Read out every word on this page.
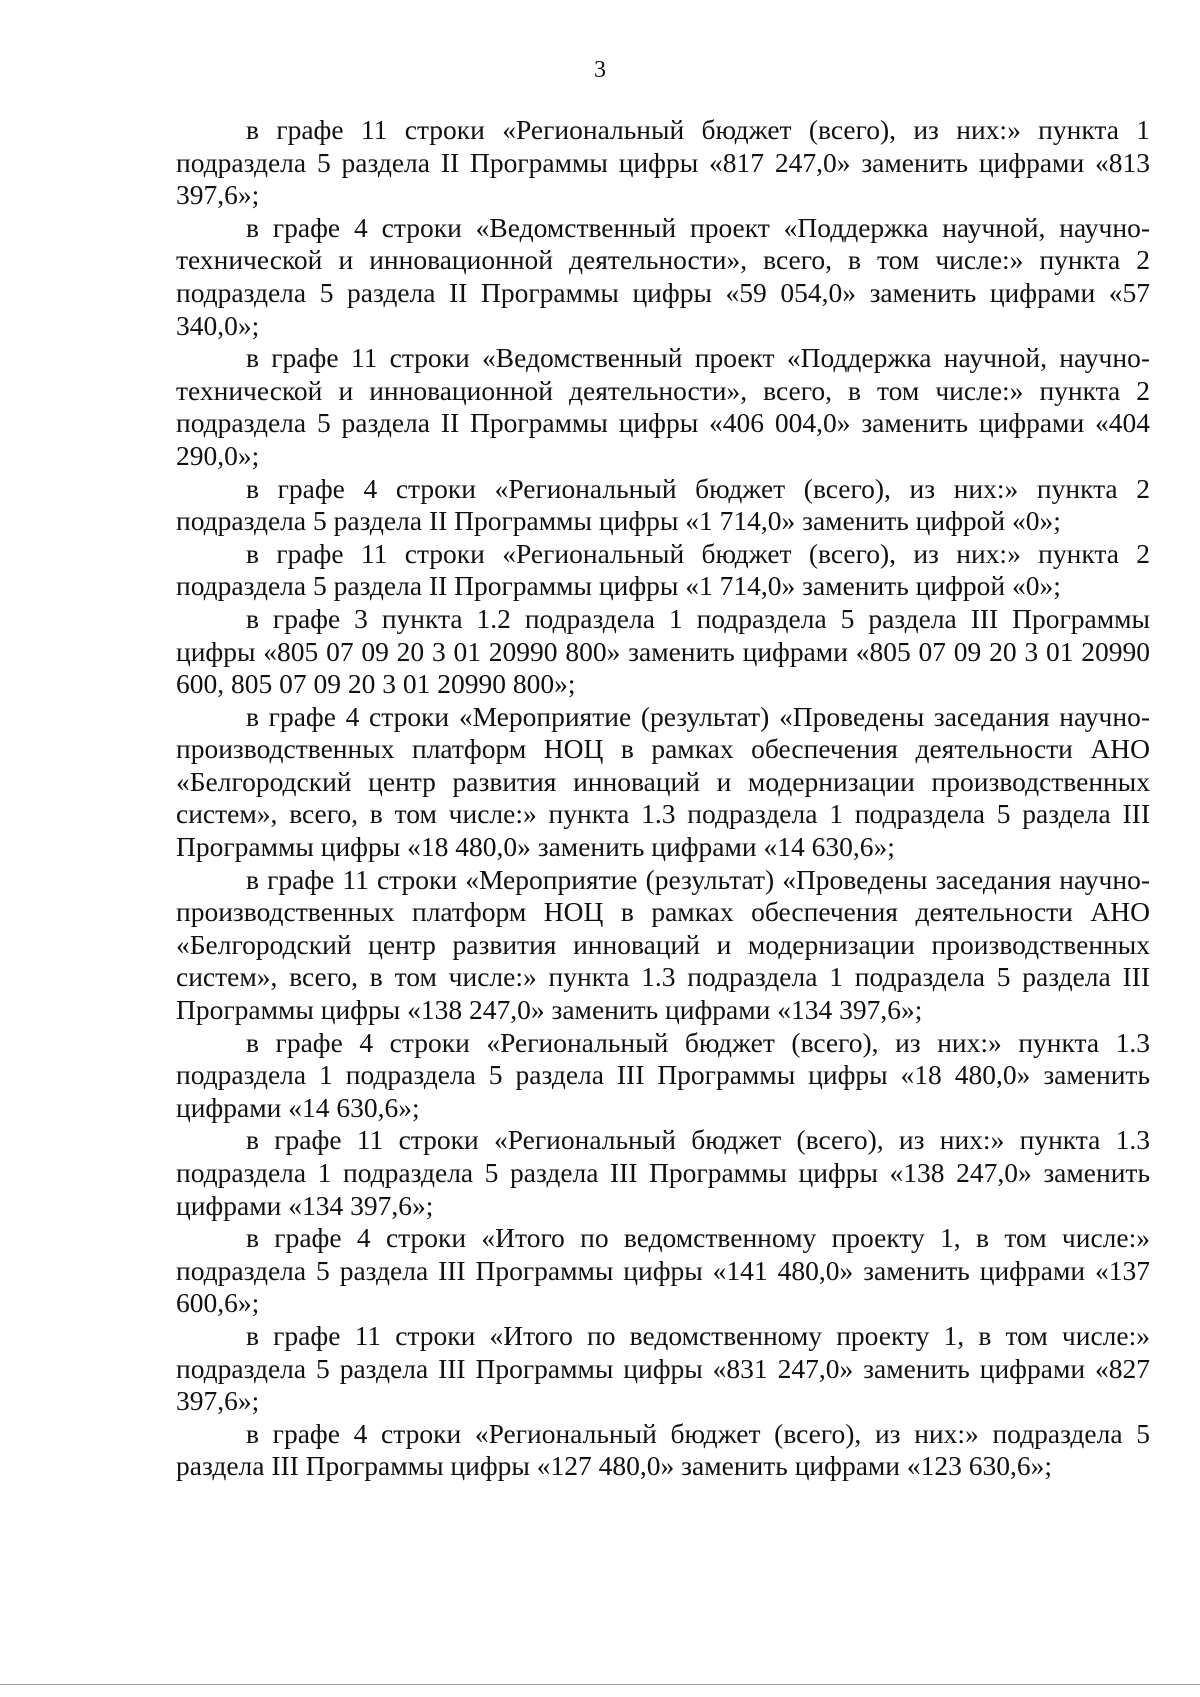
3

в графе 11 строки «Региональный бюджет (всего), из них:» пункта 1 подраздела 5 раздела II Программы цифры «817 247,0» заменить цифрами «813 397,6»;

в графе 4 строки «Ведомственный проект «Поддержка научной, научно-технической и инновационной деятельности», всего, в том числе:» пункта 2 подраздела 5 раздела II Программы цифры «59 054,0» заменить цифрами «57 340,0»;

в графе 11 строки «Ведомственный проект «Поддержка научной, научно-технической и инновационной деятельности», всего, в том числе:» пункта 2 подраздела 5 раздела II Программы цифры «406 004,0» заменить цифрами «404 290,0»;

в графе 4 строки «Региональный бюджет (всего), из них:» пункта 2 подраздела 5 раздела II Программы цифры «1 714,0» заменить цифрой «0»;

в графе 11 строки «Региональный бюджет (всего), из них:» пункта 2 подраздела 5 раздела II Программы цифры «1 714,0» заменить цифрой «0»;

в графе 3 пункта 1.2 подраздела 1 подраздела 5 раздела III Программы цифры «805 07 09 20 3 01 20990 800» заменить цифрами «805 07 09 20 3 01 20990 600, 805 07 09 20 3 01 20990 800»;

в графе 4 строки «Мероприятие (результат) «Проведены заседания научно-производственных платформ НОЦ в рамках обеспечения деятельности АНО «Белгородский центр развития инноваций и модернизации производственных систем», всего, в том числе:» пункта 1.3 подраздела 1 подраздела 5 раздела III Программы цифры «18 480,0» заменить цифрами «14 630,6»;

в графе 11 строки «Мероприятие (результат) «Проведены заседания научно-производственных платформ НОЦ в рамках обеспечения деятельности АНО «Белгородский центр развития инноваций и модернизации производственных систем», всего, в том числе:» пункта 1.3 подраздела 1 подраздела 5 раздела III Программы цифры «138 247,0» заменить цифрами «134 397,6»;

в графе 4 строки «Региональный бюджет (всего), из них:» пункта 1.3 подраздела 1 подраздела 5 раздела III Программы цифры «18 480,0» заменить цифрами «14 630,6»;

в графе 11 строки «Региональный бюджет (всего), из них:» пункта 1.3 подраздела 1 подраздела 5 раздела III Программы цифры «138 247,0» заменить цифрами «134 397,6»;

в графе 4 строки «Итого по ведомственному проекту 1, в том числе:» подраздела 5 раздела III Программы цифры «141 480,0» заменить цифрами «137 600,6»;

в графе 11 строки «Итого по ведомственному проекту 1, в том числе:» подраздела 5 раздела III Программы цифры «831 247,0» заменить цифрами «827 397,6»;

в графе 4 строки «Региональный бюджет (всего), из них:» подраздела 5 раздела III Программы цифры «127 480,0» заменить цифрами «123 630,6»;
